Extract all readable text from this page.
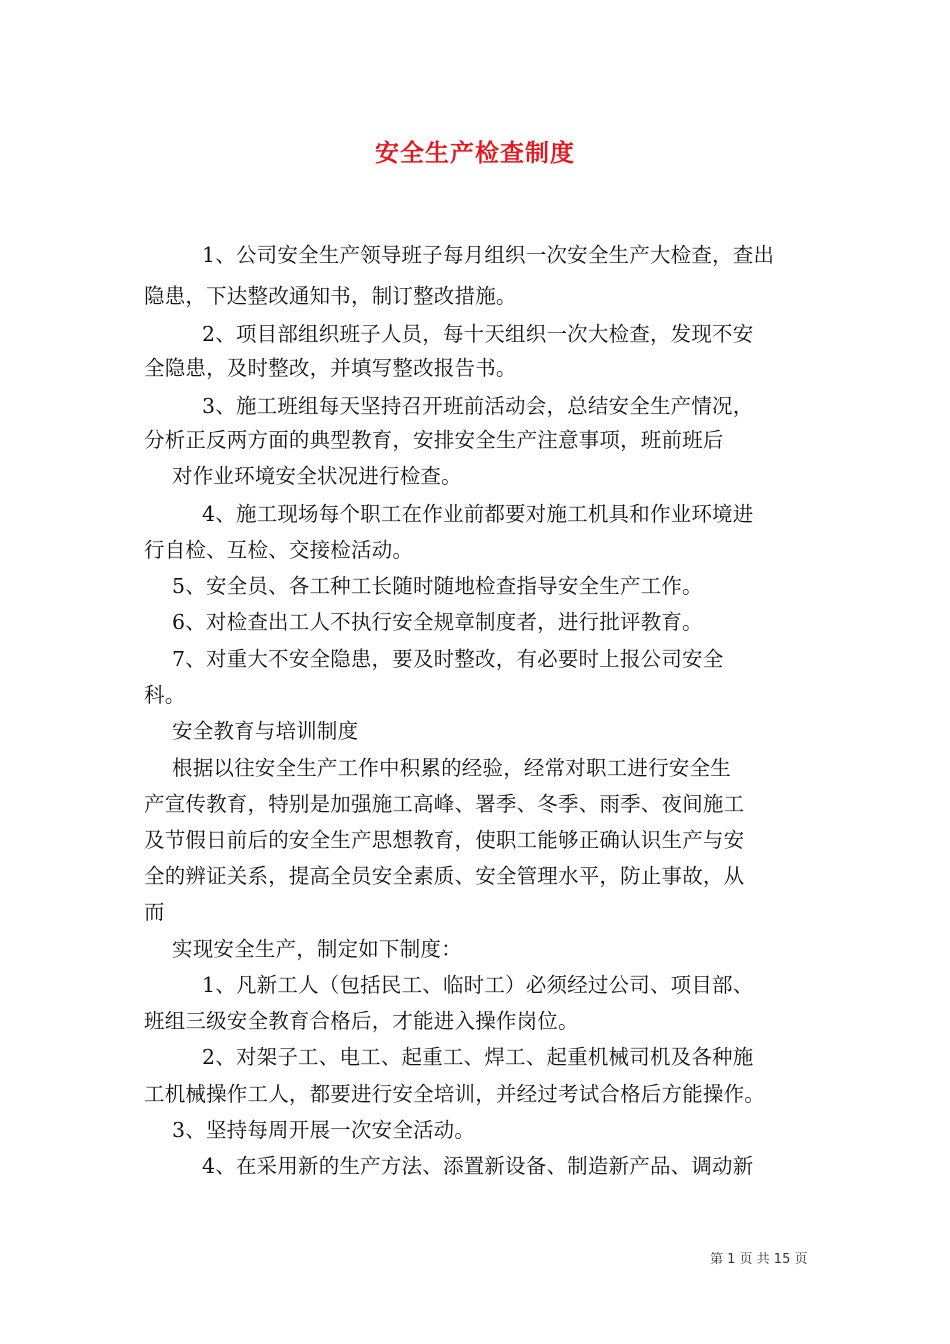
安全生产检查制度
1、公司安全生产领导班子每月组织一次安全生产大检查，查出
隐患，下达整改通知书，制订整改措施。
2、项目部组织班子人员，每十天组织一次大检查，发现不安
全隐患，及时整改，并填写整改报告书。
3、施工班组每天坚持召开班前活动会，总结安全生产情况，
分析正反两方面的典型教育，安排安全生产注意事项，班前班后
对作业环境安全状况进行检查。
4、施工现场每个职工在作业前都要对施工机具和作业环境进
行自检、互检、交接检活动。
5、安全员、各工种工长随时随地检查指导安全生产工作。
6、对检查出工人不执行安全规章制度者，进行批评教育。
7、对重大不安全隐患，要及时整改，有必要时上报公司安全
科。
安全教育与培训制度
根据以往安全生产工作中积累的经验，经常对职工进行安全生
产宣传教育，特别是加强施工高峰、署季、冬季、雨季、夜间施工
及节假日前后的安全生产思想教育，使职工能够正确认识生产与安
全的辨证关系，提高全员安全素质、安全管理水平，防止事故，从
而
实现安全生产，制定如下制度：
1、凡新工人（包括民工、临时工）必须经过公司、项目部、
班组三级安全教育合格后，才能进入操作岗位。
2、对架子工、电工、起重工、焊工、起重机械司机及各种施
工机械操作工人，都要进行安全培训，并经过考试合格后方能操作。
3、坚持每周开展一次安全活动。
4、在采用新的生产方法、添置新设备、制造新产品、调动新
第 1 页 共 15 页
